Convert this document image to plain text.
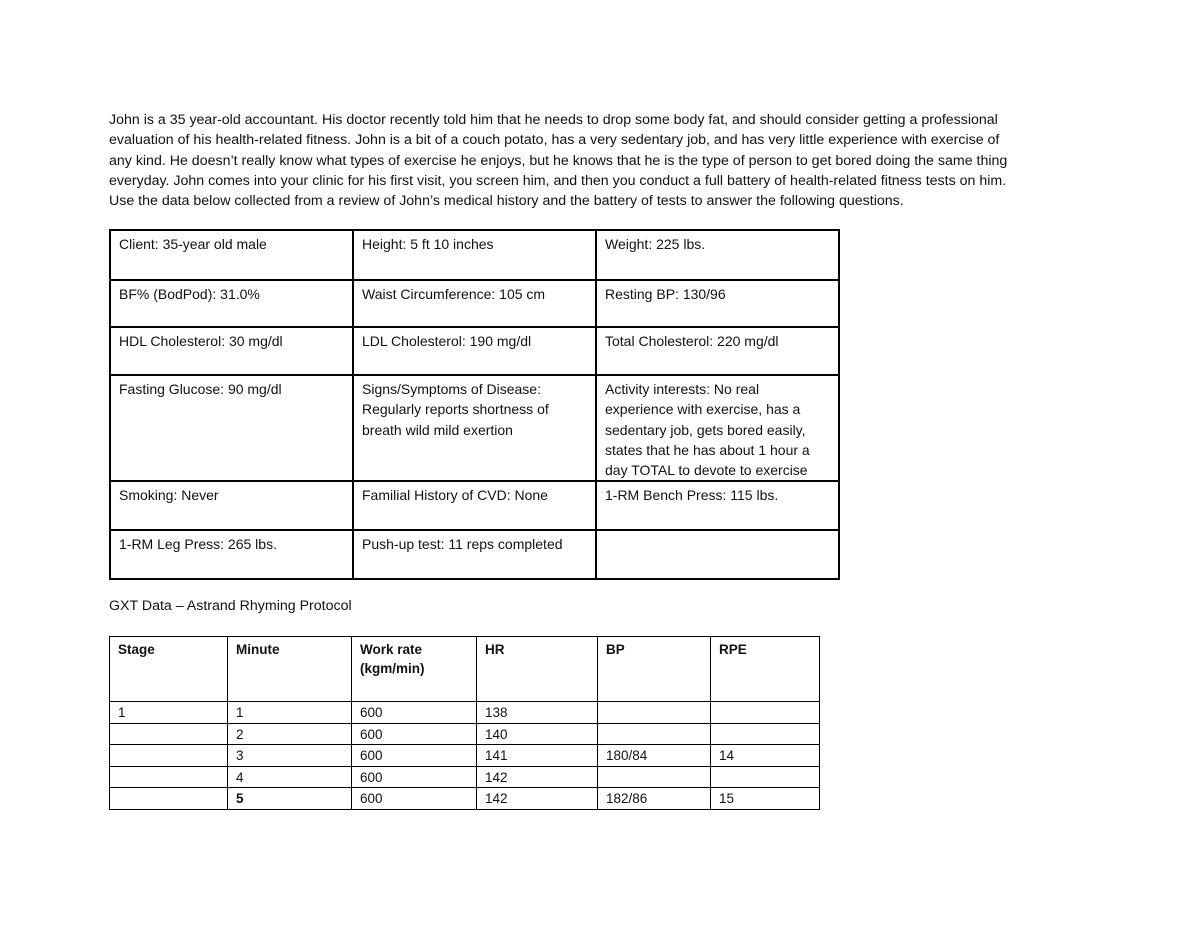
John is a 35 year-old accountant. His doctor recently told him that he needs to drop some body fat, and should consider getting a professional
evaluation of his health-related fitness. John is a bit of a couch potato, has a very sedentary job, and has very little experience with exercise of
any kind. He doesn’t really know what types of exercise he enjoys, but he knows that he is the type of person to get bored doing the same thing
everyday. John comes into your clinic for his first visit, you screen him, and then you conduct a full battery of health-related fitness tests on him.
Use the data below collected from a review of John’s medical history and the battery of tests to answer the following questions.

Client: 35-year old male	Height: 5 ft 10 inches	Weight: 225 lbs.
BF% (BodPod): 31.0%	Waist Circumference: 105 cm	Resting BP: 130/96
HDL Cholesterol: 30 mg/dl	LDL Cholesterol: 190 mg/dl	Total Cholesterol: 220 mg/dl
Fasting Glucose: 90 mg/dl	Signs/Symptoms of Disease: Regularly reports shortness of breath wild mild exertion	Activity interests: No real experience with exercise, has a sedentary job, gets bored easily, states that he has about 1 hour a day TOTAL to devote to exercise
Smoking: Never	Familial History of CVD: None	1-RM Bench Press: 115 lbs.
1-RM Leg Press: 265 lbs.	Push-up test: 11 reps completed	

GXT Data – Astrand Rhyming Protocol

Stage	Minute	Work rate (kgm/min)	HR	BP	RPE
1	1	600	138		
	2	600	140		
	3	600	141	180/84	14
	4	600	142		
	5	600	142	182/86	15
